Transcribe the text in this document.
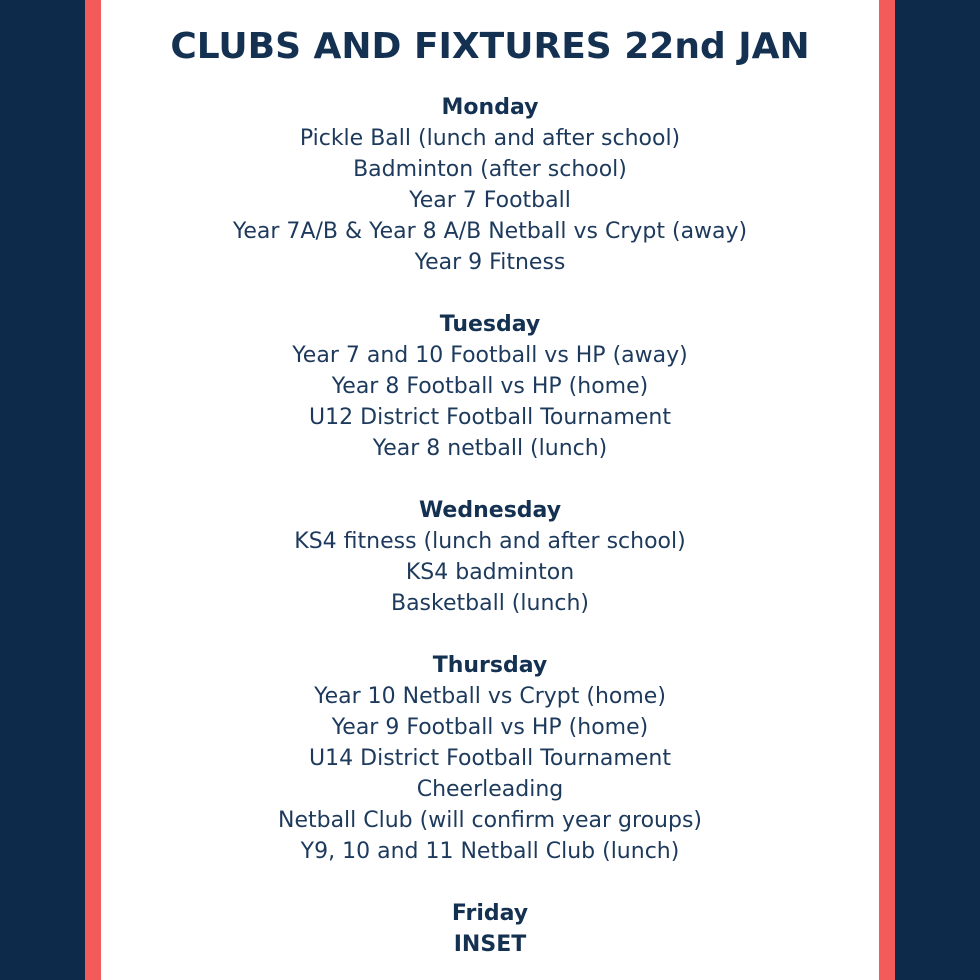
CLUBS AND FIXTURES 22nd JAN
Monday
Pickle Ball (lunch and after school)
Badminton (after school)
Year 7 Football
Year 7A/B & Year 8 A/B Netball vs Crypt (away)
Year 9 Fitness
Tuesday
Year 7 and 10 Football vs HP (away)
Year 8 Football vs HP (home)
U12 District Football Tournament
Year 8 netball (lunch)
Wednesday
KS4 fitness (lunch and after school)
KS4 badminton
Basketball (lunch)
Thursday
Year 10 Netball vs Crypt (home)
Year 9 Football vs HP (home)
U14 District Football Tournament
Cheerleading
Netball Club (will confirm year groups)
Y9, 10 and 11 Netball Club (lunch)
Friday
INSET
